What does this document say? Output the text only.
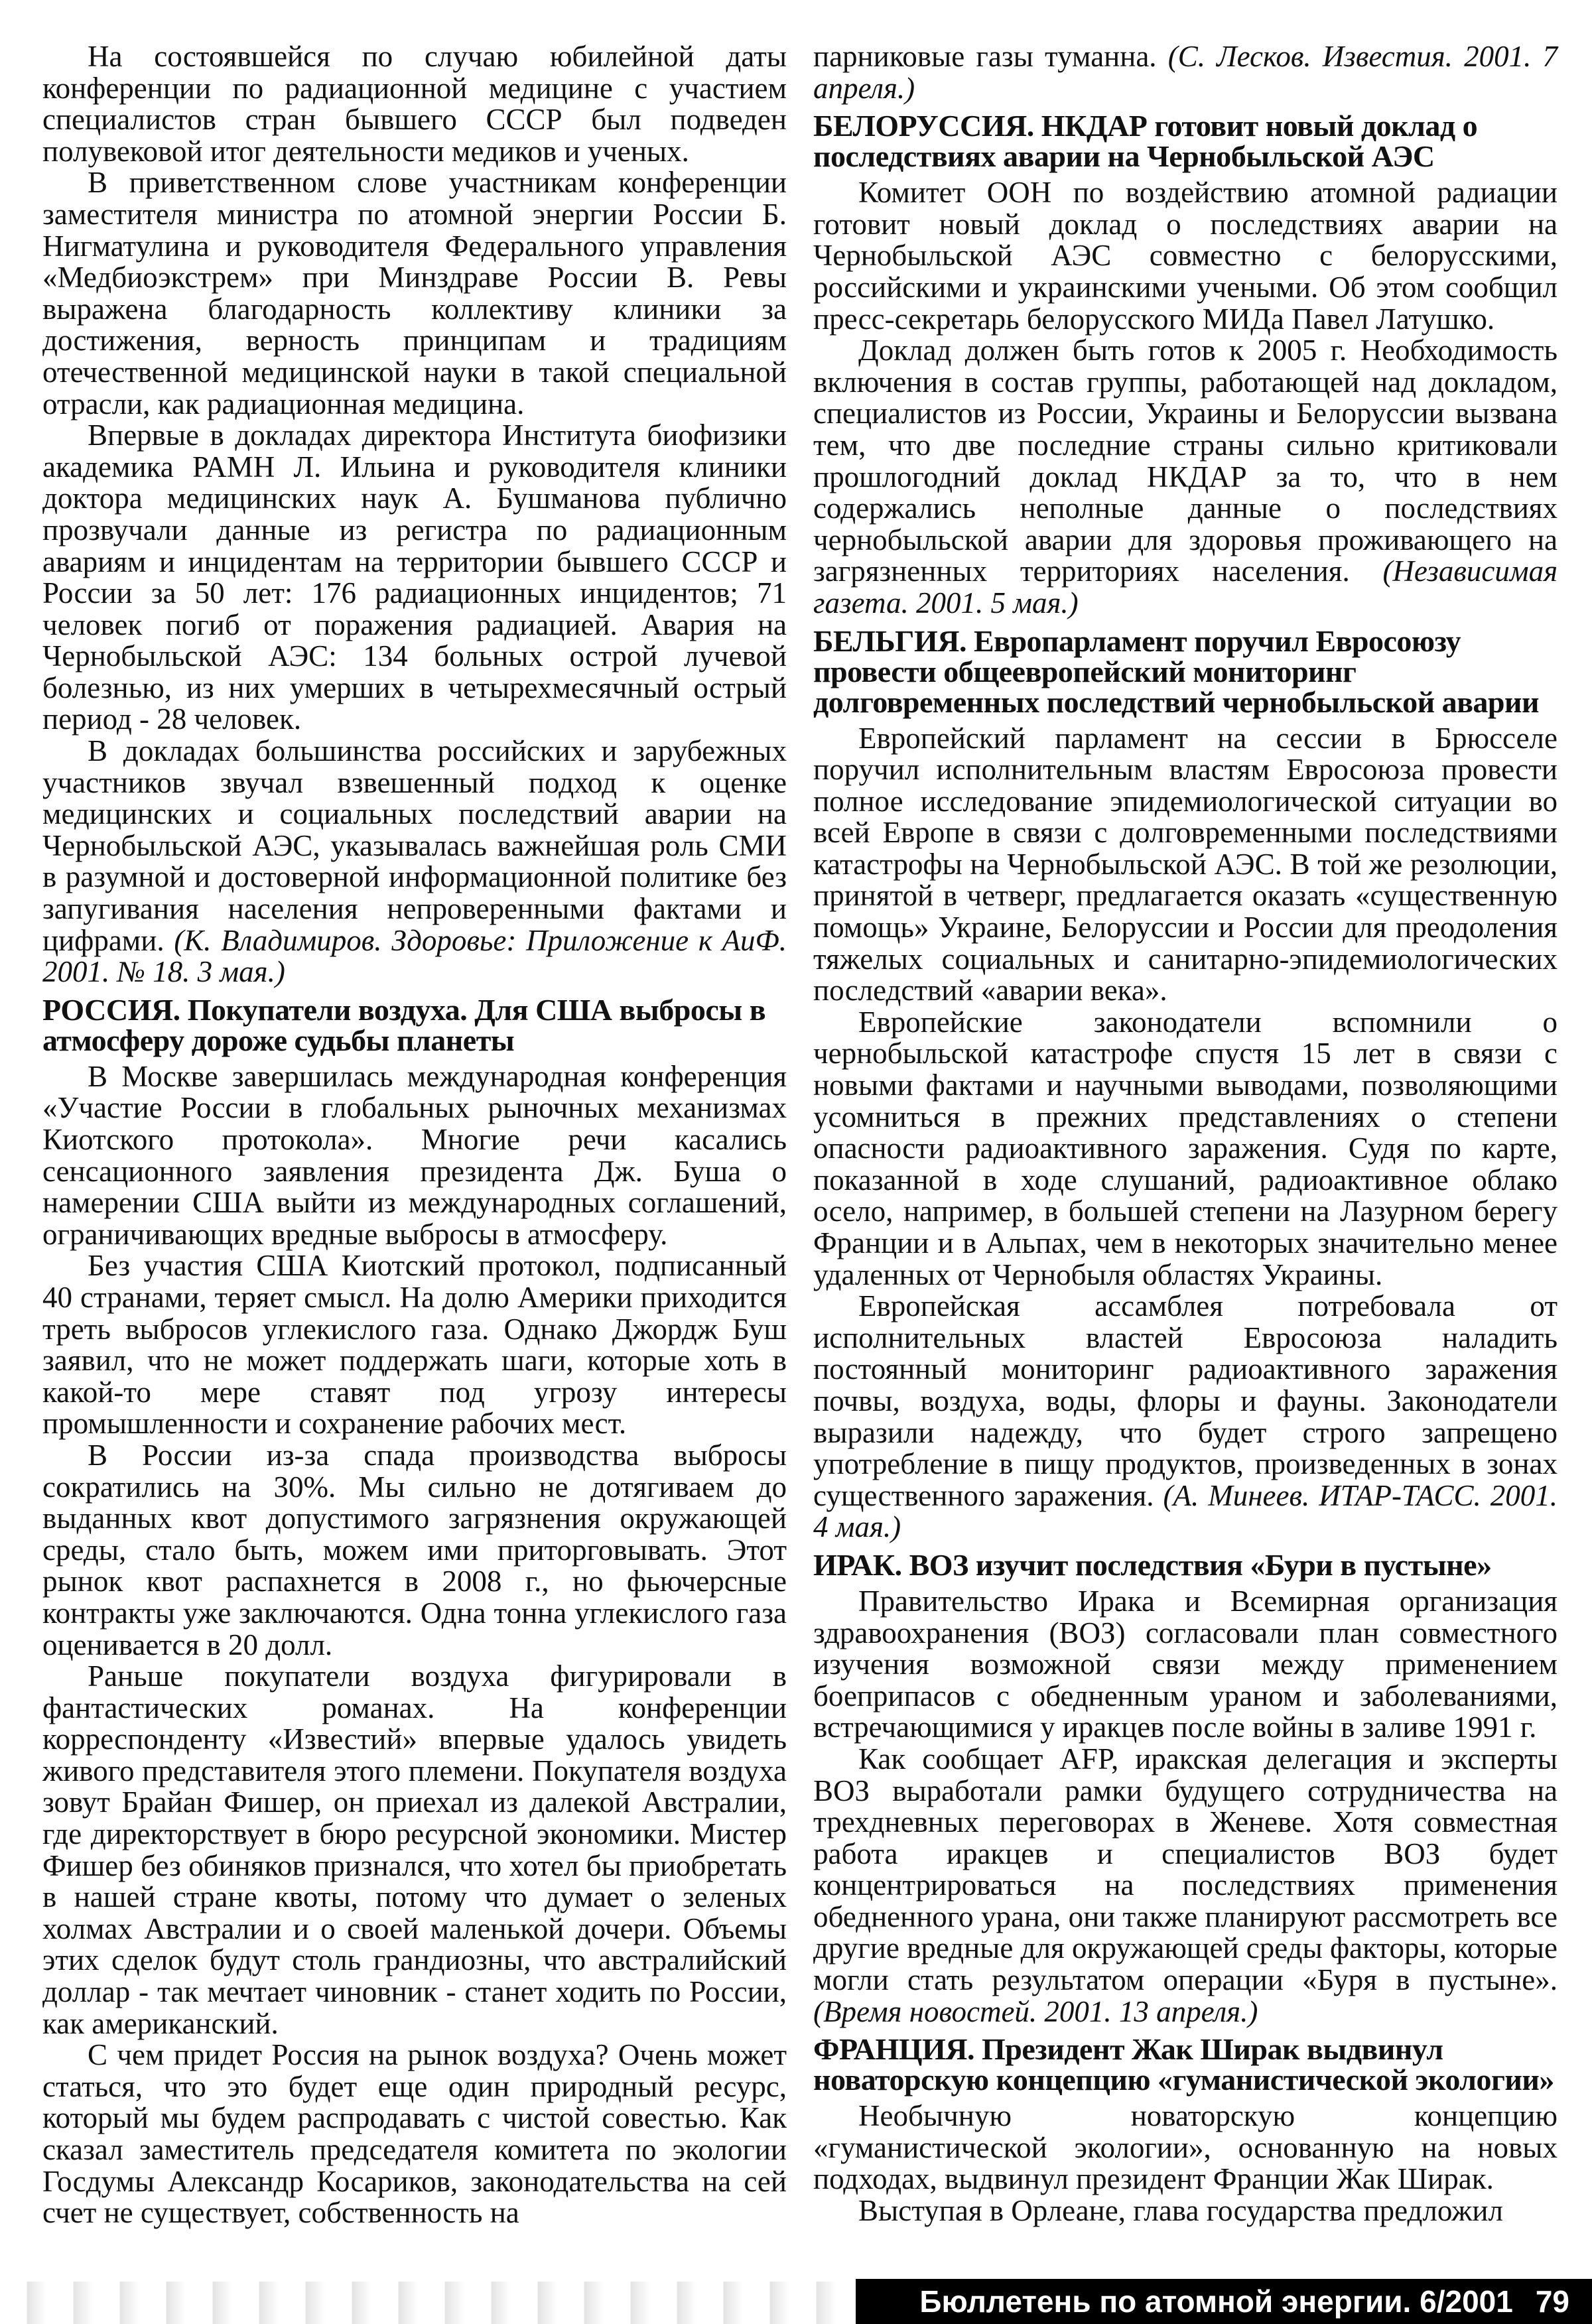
На состоявшейся по случаю юбилейной даты конференции по радиационной медицине с участием специалистов стран бывшего СССР был подведен полувековой итог деятельности медиков и ученых.

В приветственном слове участникам конференции заместителя министра по атомной энергии России Б. Нигматулина и руководителя Федерального управления «Медбиоэкстрем» при Минздраве России В. Ревы выражена благодарность коллективу клиники за достижения, верность принципам и традициям отечественной медицинской науки в такой специальной отрасли, как радиационная медицина.

Впервые в докладах директора Института биофизики академика РАМН Л. Ильина и руководителя клиники доктора медицинских наук А. Бушманова публично прозвучали данные из регистра по радиационным авариям и инцидентам на территории бывшего СССР и России за 50 лет: 176 радиационных инцидентов; 71 человек погиб от поражения радиацией. Авария на Чернобыльской АЭС: 134 больных острой лучевой болезнью, из них умерших в четырехмесячный острый период - 28 человек.

В докладах большинства российских и зарубежных участников звучал взвешенный подход к оценке медицинских и социальных последствий аварии на Чернобыльской АЭС, указывалась важнейшая роль СМИ в разумной и достоверной информационной политике без запугивания населения непроверенными фактами и цифрами. (К. Владимиров. Здоровье: Приложение к АиФ. 2001. № 18. 3 мая.)

РОССИЯ. Покупатели воздуха. Для США выбросы в атмосферу дороже судьбы планеты

В Москве завершилась международная конференция «Участие России в глобальных рыночных механизмах Киотского протокола». Многие речи касались сенсационного заявления президента Дж. Буша о намерении США выйти из международных соглашений, ограничивающих вредные выбросы в атмосферу.

Без участия США Киотский протокол, подписанный 40 странами, теряет смысл. На долю Америки приходится треть выбросов углекислого газа. Однако Джордж Буш заявил, что не может поддержать шаги, которые хоть в какой-то мере ставят под угрозу интересы промышленности и сохранение рабочих мест.

В России из-за спада производства выбросы сократились на 30%. Мы сильно не дотягиваем до выданных квот допустимого загрязнения окружающей среды, стало быть, можем ими приторговывать. Этот рынок квот распахнется в 2008 г., но фьючерсные контракты уже заключаются. Одна тонна углекислого газа оценивается в 20 долл.

Раньше покупатели воздуха фигурировали в фантастических романах. На конференции корреспонденту «Известий» впервые удалось увидеть живого представителя этого племени. Покупателя воздуха зовут Брайан Фишер, он приехал из далекой Австралии, где директорствует в бюро ресурсной экономики. Мистер Фишер без обиняков признался, что хотел бы приобретать в нашей стране квоты, потому что думает о зеленых холмах Австралии и о своей маленькой дочери. Объемы этих сделок будут столь грандиозны, что австралийский доллар - так мечтает чиновник - станет ходить по России, как американский.

С чем придет Россия на рынок воздуха? Очень может статься, что это будет еще один природный ресурс, который мы будем распродавать с чистой совестью. Как сказал заместитель председателя комитета по экологии Госдумы Александр Косариков, законодательства на сей счет не существует, собственность на

парниковые газы туманна. (С. Лесков. Известия. 2001. 7 апреля.)

БЕЛОРУССИЯ. НКДАР готовит новый доклад о последствиях аварии на Чернобыльской АЭС

Комитет ООН по воздействию атомной радиации готовит новый доклад о последствиях аварии на Чернобыльской АЭС совместно с белорусскими, российскими и украинскими учеными. Об этом сообщил пресс-секретарь белорусского МИДа Павел Латушко.

Доклад должен быть готов к 2005 г. Необходимость включения в состав группы, работающей над докладом, специалистов из России, Украины и Белоруссии вызвана тем, что две последние страны сильно критиковали прошлогодний доклад НКДАР за то, что в нем содержались неполные данные о последствиях чернобыльской аварии для здоровья проживающего на загрязненных территориях населения. (Независимая газета. 2001. 5 мая.)

БЕЛЬГИЯ. Европарламент поручил Евросоюзу провести общеевропейский мониторинг долговременных последствий чернобыльской аварии

Европейский парламент на сессии в Брюсселе поручил исполнительным властям Евросоюза провести полное исследование эпидемиологической ситуации во всей Европе в связи с долговременными последствиями катастрофы на Чернобыльской АЭС. В той же резолюции, принятой в четверг, предлагается оказать «существенную помощь» Украине, Белоруссии и России для преодоления тяжелых социальных и санитарно-эпидемиологических последствий «аварии века».

Европейские законодатели вспомнили о чернобыльской катастрофе спустя 15 лет в связи с новыми фактами и научными выводами, позволяющими усомниться в прежних представлениях о степени опасности радиоактивного заражения. Судя по карте, показанной в ходе слушаний, радиоактивное облако осело, например, в большей степени на Лазурном берегу Франции и в Альпах, чем в некоторых значительно менее удаленных от Чернобыля областях Украины.

Европейская ассамблея потребовала от исполнительных властей Евросоюза наладить постоянный мониторинг радиоактивного заражения почвы, воздуха, воды, флоры и фауны. Законодатели выразили надежду, что будет строго запрещено употребление в пищу продуктов, произведенных в зонах существенного заражения. (А. Минеев. ИТАР-ТАСС. 2001. 4 мая.)

ИРАК. ВОЗ изучит последствия «Бури в пустыне»

Правительство Ирака и Всемирная организация здравоохранения (ВОЗ) согласовали план совместного изучения возможной связи между применением боеприпасов с обедненным ураном и заболеваниями, встречающимися у иракцев после войны в заливе 1991 г.

Как сообщает AFP, иракская делегация и эксперты ВОЗ выработали рамки будущего сотрудничества на трехдневных переговорах в Женеве. Хотя совместная работа иракцев и специалистов ВОЗ будет концентрироваться на последствиях применения обедненного урана, они также планируют рассмотреть все другие вредные для окружающей среды факторы, которые могли стать результатом операции «Буря в пустыне». (Время новостей. 2001. 13 апреля.)

ФРАНЦИЯ. Президент Жак Ширак выдвинул новаторскую концепцию «гуманистической экологии»

Необычную новаторскую концепцию «гуманистической экологии», основанную на новых подходах, выдвинул президент Франции Жак Ширак.

Выступая в Орлеане, глава государства предложил

Бюллетень по атомной энергии. 6/2001 79
